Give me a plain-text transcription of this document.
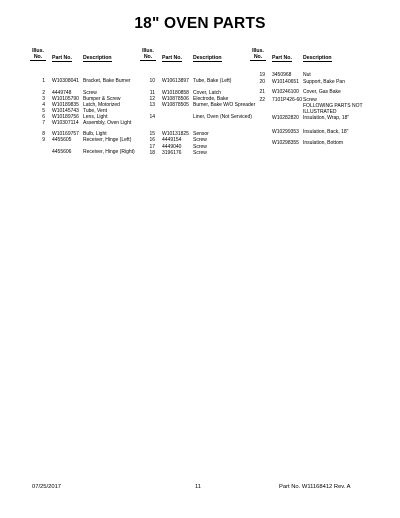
18" OVEN PARTS
Illus.
No.	Part No. Description
1 W10308041 Bracket, Bake Burner
2 4449748 Screw
3 W10105790 Bumper & Screw
4 W10189835 Latch, Motorized
5 W10145743 Tube, Vent
6 W10189756 Lens, Light
7 W10307114 Assembly, Oven Light
8 W10169757 Bulb, Light
9 4455605 Receiver, Hinge (Left)
4455606 Receiver, Hinge (Right)
Illus.
No.	Part No. Description
10 W10613897 Tube, Bake (Left)
11 W10180858 Cover, Latch
12 W10878506 Electrode, Bake
13 W10878505 Burner, Bake W/O Spreader
14	Liner, Oven (Not Serviced)
15 W10131825 Sensor
16 4449154 Screw
17 4449040 Screw
18 3196176 Screw
Illus.
No.	Part No. Description
19 3450968 Nut
20 W10140651 Support, Bake Pan
21 W10246100 Cover, Gas Bake
22 7101P426-60 Screw
FOLLOWING PARTS NOT ILLUSTRATED
W10282820 Insulation, Wrap, 18"
W10299353 Insulation, Back, 18"
W10298355 Insulation, Bottom
07/25/2017	11	Part No. W11168412 Rev. A
